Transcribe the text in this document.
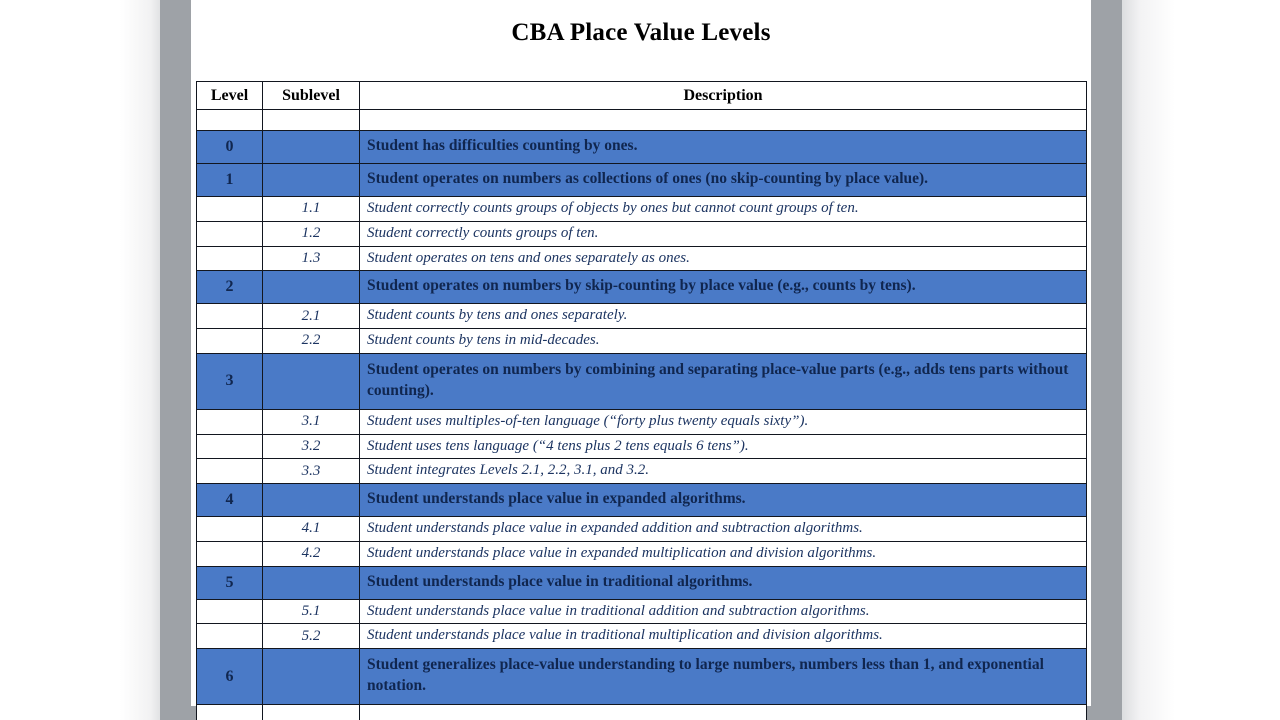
CBA Place Value Levels
Level	Sublevel	Description

0		Student has difficulties counting by ones.
1		Student operates on numbers as collections of ones (no skip-counting by place value).
	1.1	Student correctly counts groups of objects by ones but cannot count groups of ten.
	1.2	Student correctly counts groups of ten.
	1.3	Student operates on tens and ones separately as ones.
2		Student operates on numbers by skip-counting by place value (e.g., counts by tens).
	2.1	Student counts by tens and ones separately.
	2.2	Student counts by tens in mid-decades.
3		Student operates on numbers by combining and separating place-value parts (e.g., adds tens parts without counting).
	3.1	Student uses multiples-of-ten language (“forty plus twenty equals sixty”).
	3.2	Student uses tens language (“4 tens plus 2 tens equals 6 tens”).
	3.3	Student integrates Levels 2.1, 2.2, 3.1, and 3.2.
4		Student understands place value in expanded algorithms.
	4.1	Student understands place value in expanded addition and subtraction algorithms.
	4.2	Student understands place value in expanded multiplication and division algorithms.
5		Student understands place value in traditional algorithms.
	5.1	Student understands place value in traditional addition and subtraction algorithms.
	5.2	Student understands place value in traditional multiplication and division algorithms.
6		Student generalizes place-value understanding to large numbers, numbers less than 1, and exponential notation.
